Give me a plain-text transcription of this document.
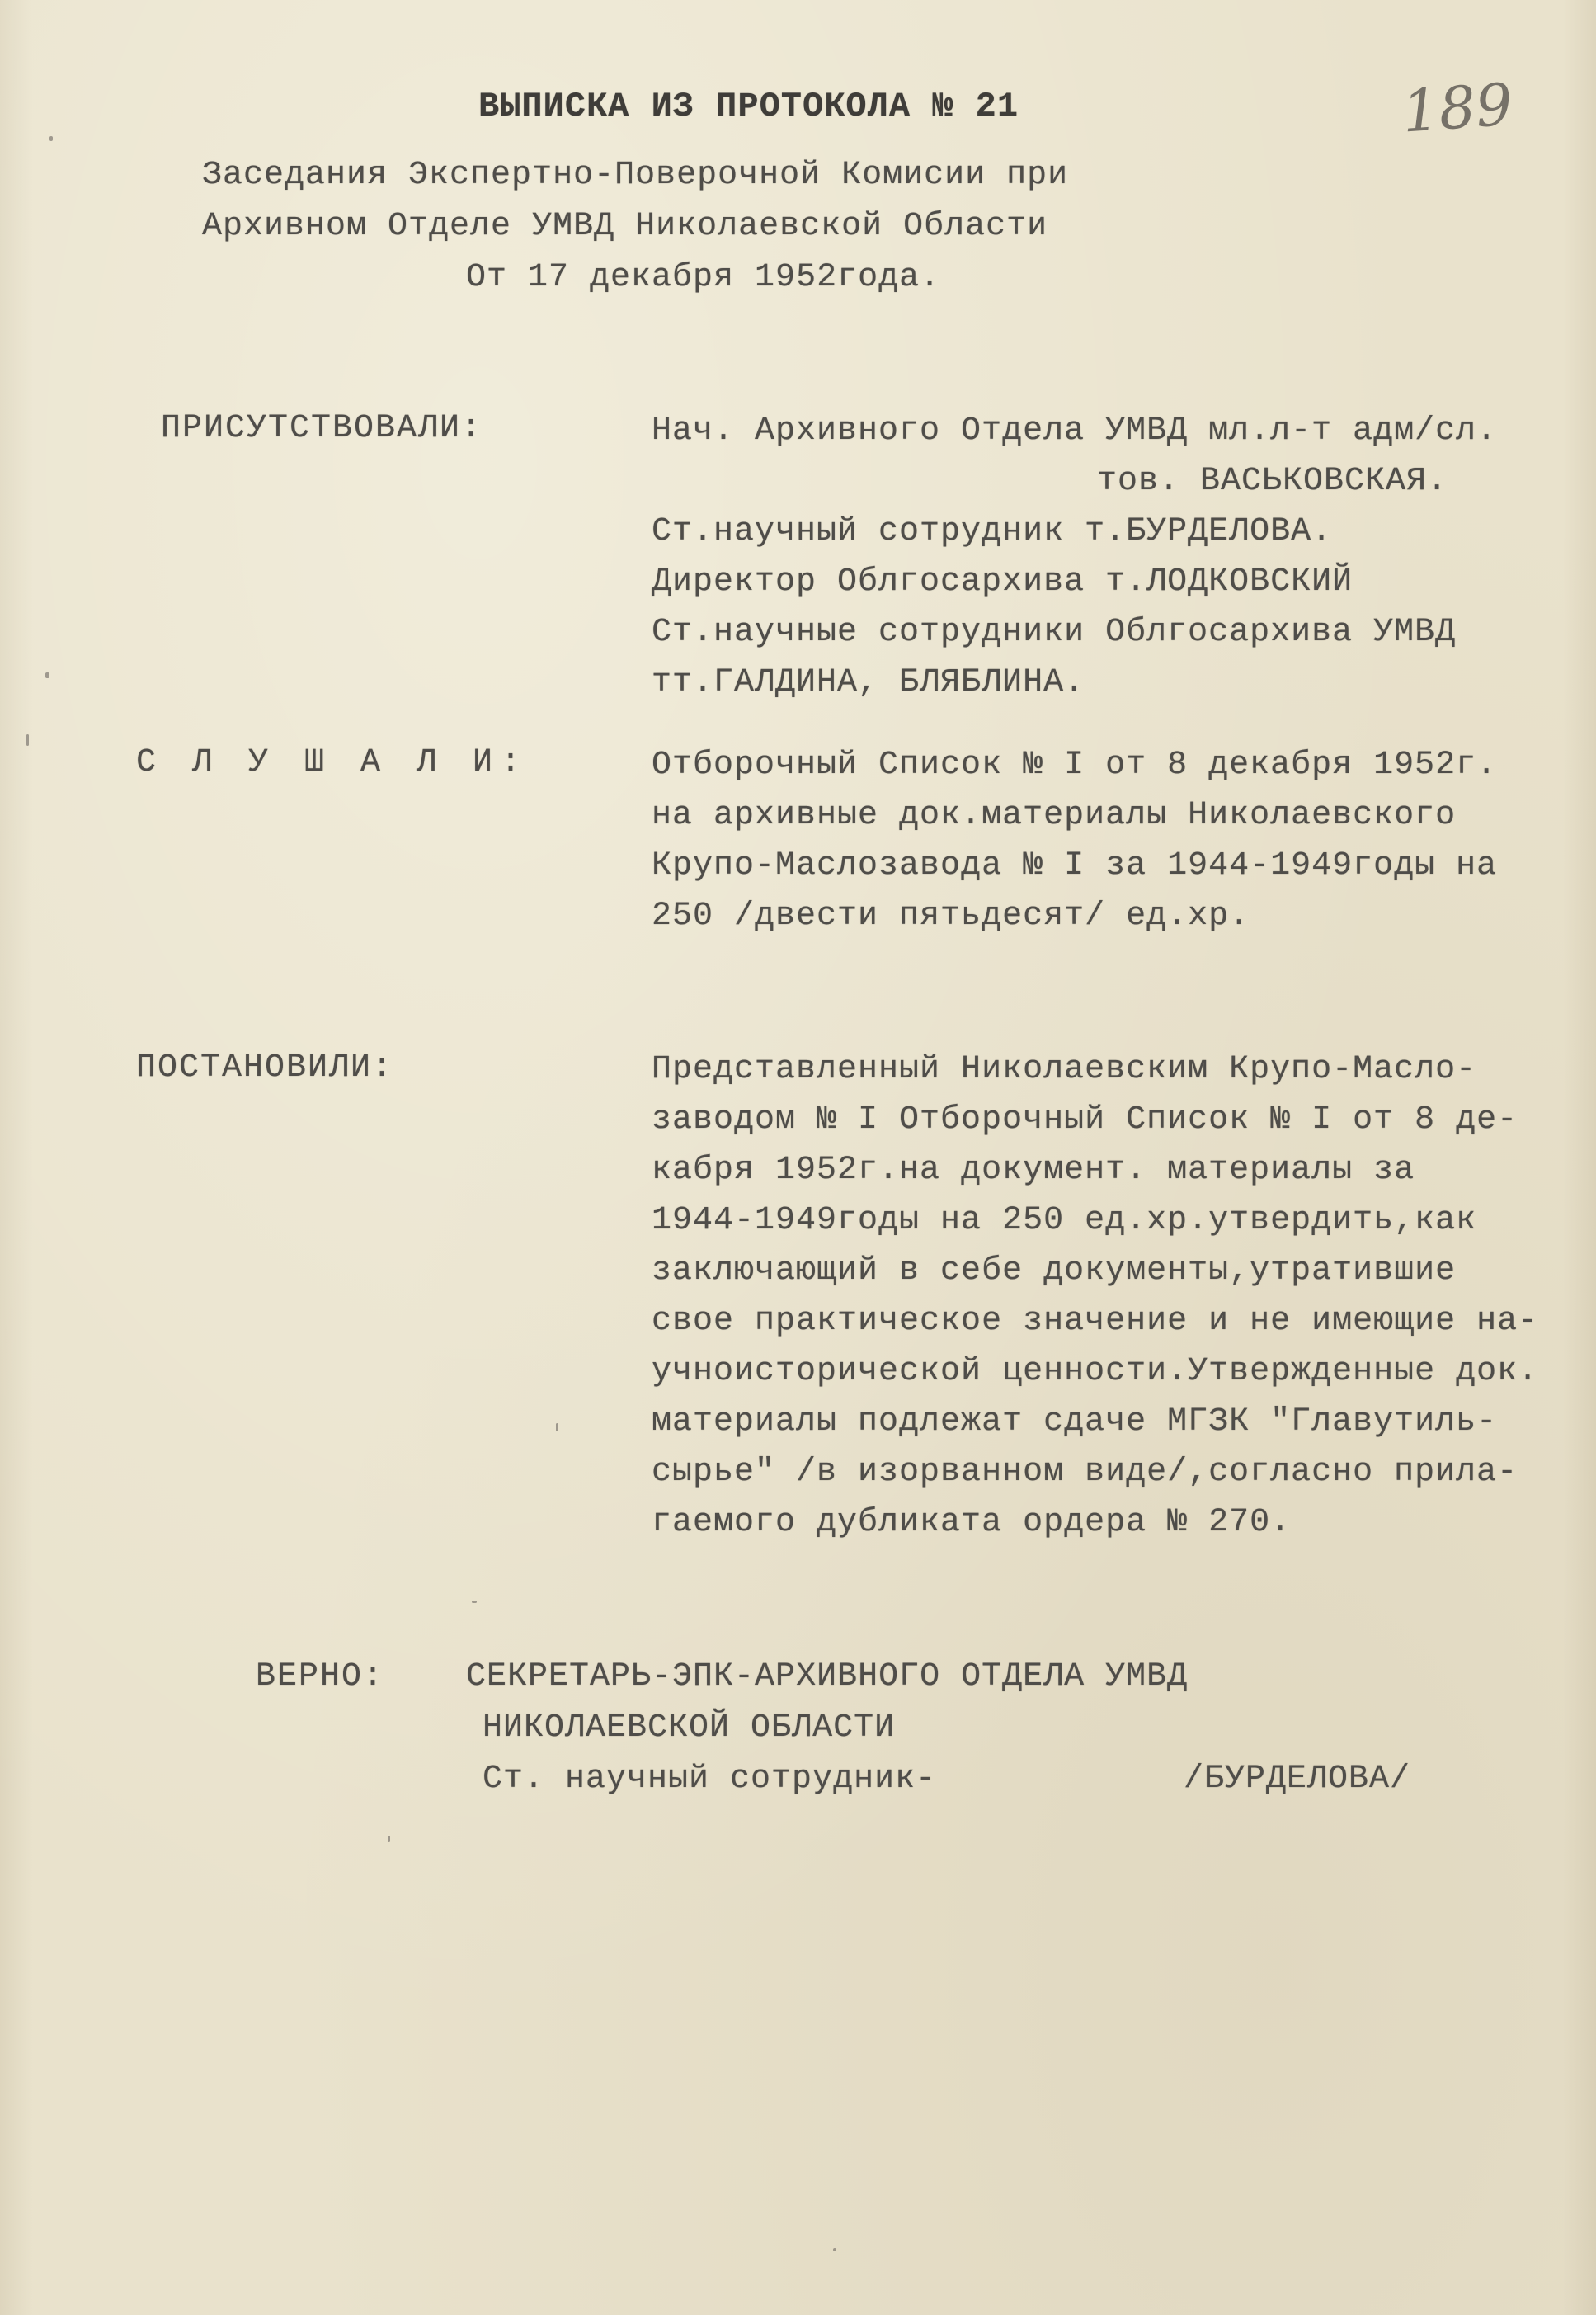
189
ВЫПИСКА ИЗ ПРОТОКОЛА № 21
Заседания Экспертно-Поверочной Комисии при
Архивном Отделе УМВД Николаевской Области
От 17 декабря 1952года.
ПРИСУТСТВОВАЛИ:	Нач. Архивного Отдела УМВД мл.л-т адм/сл.
тов. ВАСЬКОВСКАЯ.
Ст.научный сотрудник т.БУРДЕЛОВА.
Директор Облгосархива т.ЛОДКОВСКИЙ
Ст.научные сотрудники Облгосархива УМВД
тт.ГАЛДИНА, БЛЯБЛИНА.
С Л У Ш А Л И:	Отборочный Список № I от 8 декабря 1952г.
на архивные док.материалы Николаевского
Крупо-Маслозавода № I за 1944-1949годы на
250 /двести пятьдесят/ ед.хр.
ПОСТАНОВИЛИ:	Представленный Николаевским Крупо-Масло-
заводом № I Отборочный Список № I от 8 де-
кабря 1952г.на документ. материалы за
1944-1949годы на 250 ед.хр.утвердить,как
заключающий в себе документы,утратившие
свое практическое значение и не имеющие на-
учноисторической ценности.Утвержденные док.
материалы подлежат сдаче МГЗК "Главутиль-
сырье" /в изорванном виде/,согласно прила-
гаемого дубликата ордера № 270.
ВЕРНО: СЕКРЕТАРЬ-ЭПК-АРХИВНОГО ОТДЕЛА УМВД
НИКОЛАЕВСКОЙ ОБЛАСТИ
Ст. научный сотрудник-	/БУРДЕЛОВА/
